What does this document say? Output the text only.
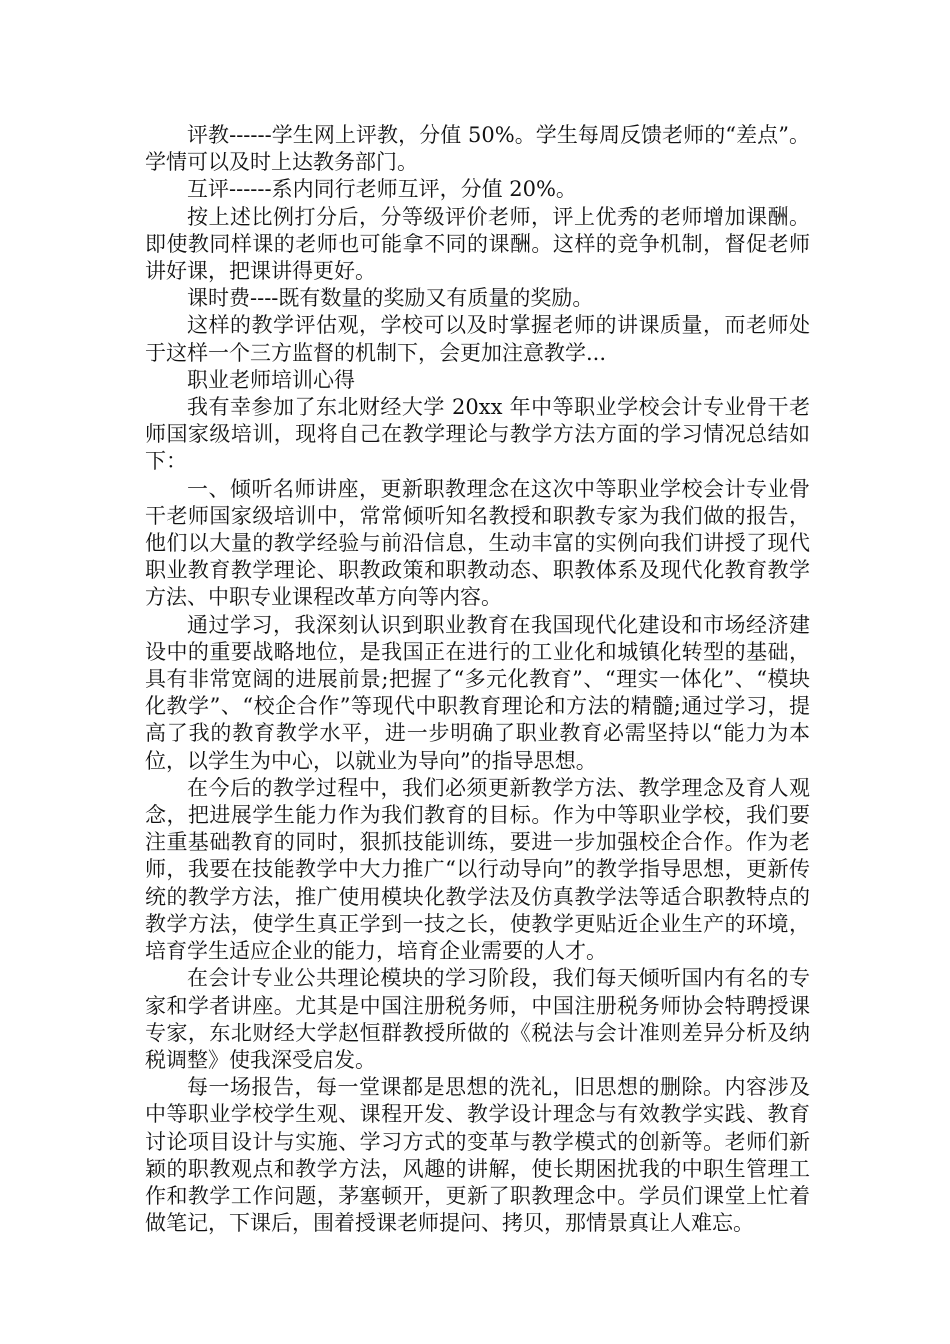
评教------学生网上评教，分值 50%。学生每周反馈老师的“差点”。学情可以及时上达教务部门。

互评------系内同行老师互评，分值 20%。

按上述比例打分后，分等级评价老师，评上优秀的老师增加课酬。即使教同样课的老师也可能拿不同的课酬。这样的竞争机制，督促老师讲好课，把课讲得更好。

课时费----既有数量的奖励又有质量的奖励。

这样的教学评估观，学校可以及时掌握老师的讲课质量，而老师处于这样一个三方监督的机制下，会更加注意教学...

职业老师培训心得

我有幸参加了东北财经大学 20xx 年中等职业学校会计专业骨干老师国家级培训，现将自己在教学理论与教学方法方面的学习情况总结如下：

一、倾听名师讲座，更新职教理念在这次中等职业学校会计专业骨干老师国家级培训中，常常倾听知名教授和职教专家为我们做的报告，他们以大量的教学经验与前沿信息，生动丰富的实例向我们讲授了现代职业教育教学理论、职教政策和职教动态、职教体系及现代化教育教学方法、中职专业课程改革方向等内容。

通过学习，我深刻认识到职业教育在我国现代化建设和市场经济建设中的重要战略地位，是我国正在进行的工业化和城镇化转型的基础，具有非常宽阔的进展前景;把握了“多元化教育”、“理实一体化”、“模块化教学”、“校企合作”等现代中职教育理论和方法的精髓;通过学习，提高了我的教育教学水平，进一步明确了职业教育必需坚持以“能力为本位，以学生为中心，以就业为导向”的指导思想。

在今后的教学过程中，我们必须更新教学方法、教学理念及育人观念，把进展学生能力作为我们教育的目标。作为中等职业学校，我们要注重基础教育的同时，狠抓技能训练，要进一步加强校企合作。作为老师，我要在技能教学中大力推广“以行动导向”的教学指导思想，更新传统的教学方法，推广使用模块化教学法及仿真教学法等适合职教特点的教学方法，使学生真正学到一技之长，使教学更贴近企业生产的环境，培育学生适应企业的能力，培育企业需要的人才。

在会计专业公共理论模块的学习阶段，我们每天倾听国内有名的专家和学者讲座。尤其是中国注册税务师，中国注册税务师协会特聘授课专家，东北财经大学赵恒群教授所做的《税法与会计准则差异分析及纳税调整》使我深受启发。

每一场报告，每一堂课都是思想的洗礼，旧思想的删除。内容涉及中等职业学校学生观、课程开发、教学设计理念与有效教学实践、教育讨论项目设计与实施、学习方式的变革与教学模式的创新等。老师们新颖的职教观点和教学方法，风趣的讲解，使长期困扰我的中职生管理工作和教学工作问题，茅塞顿开，更新了职教理念中。学员们课堂上忙着做笔记，下课后，围着授课老师提问、拷贝，那情景真让人难忘。
